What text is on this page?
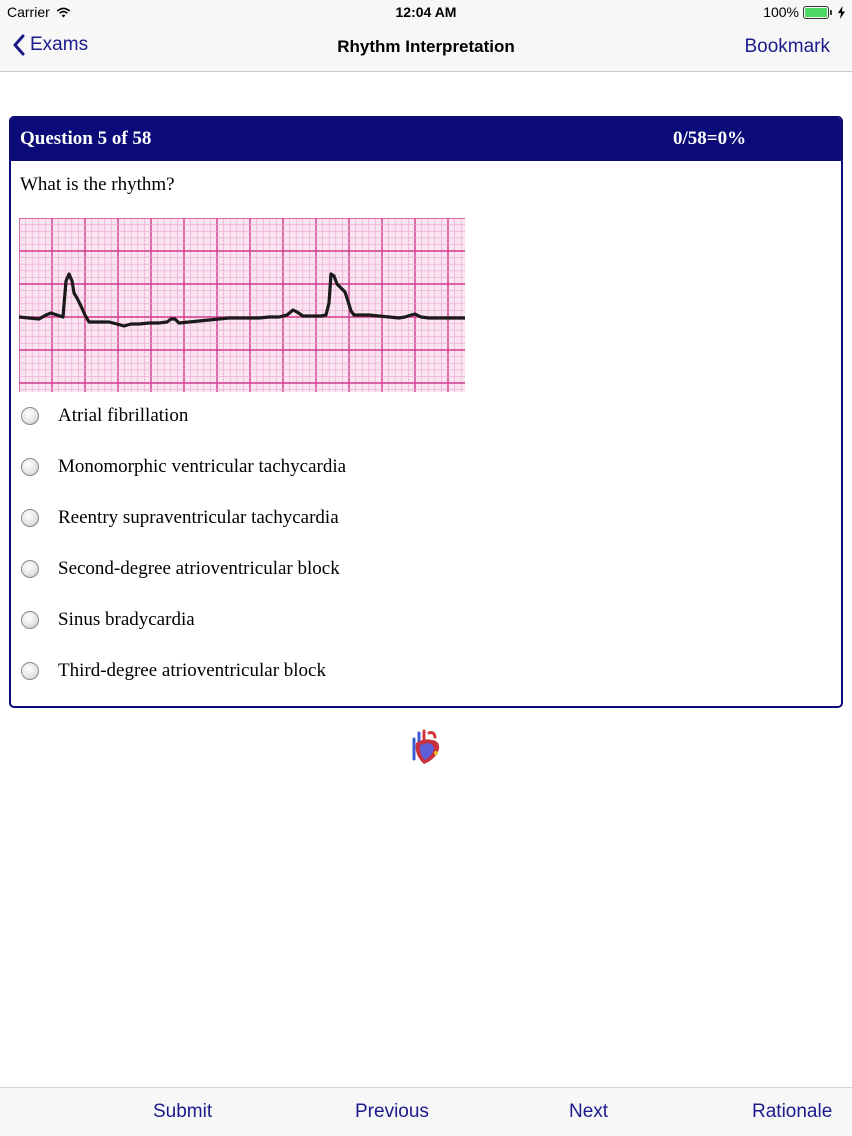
Carrier	12:04 AM	100%
Exams	Rhythm Interpretation	Bookmark
Question 5 of 58	0/58=0%
What is the rhythm?
Atrial fibrillation
Monomorphic ventricular tachycardia
Reentry supraventricular tachycardia
Second-degree atrioventricular block
Sinus bradycardia
Third-degree atrioventricular block
Submit	Previous	Next	Rationale
